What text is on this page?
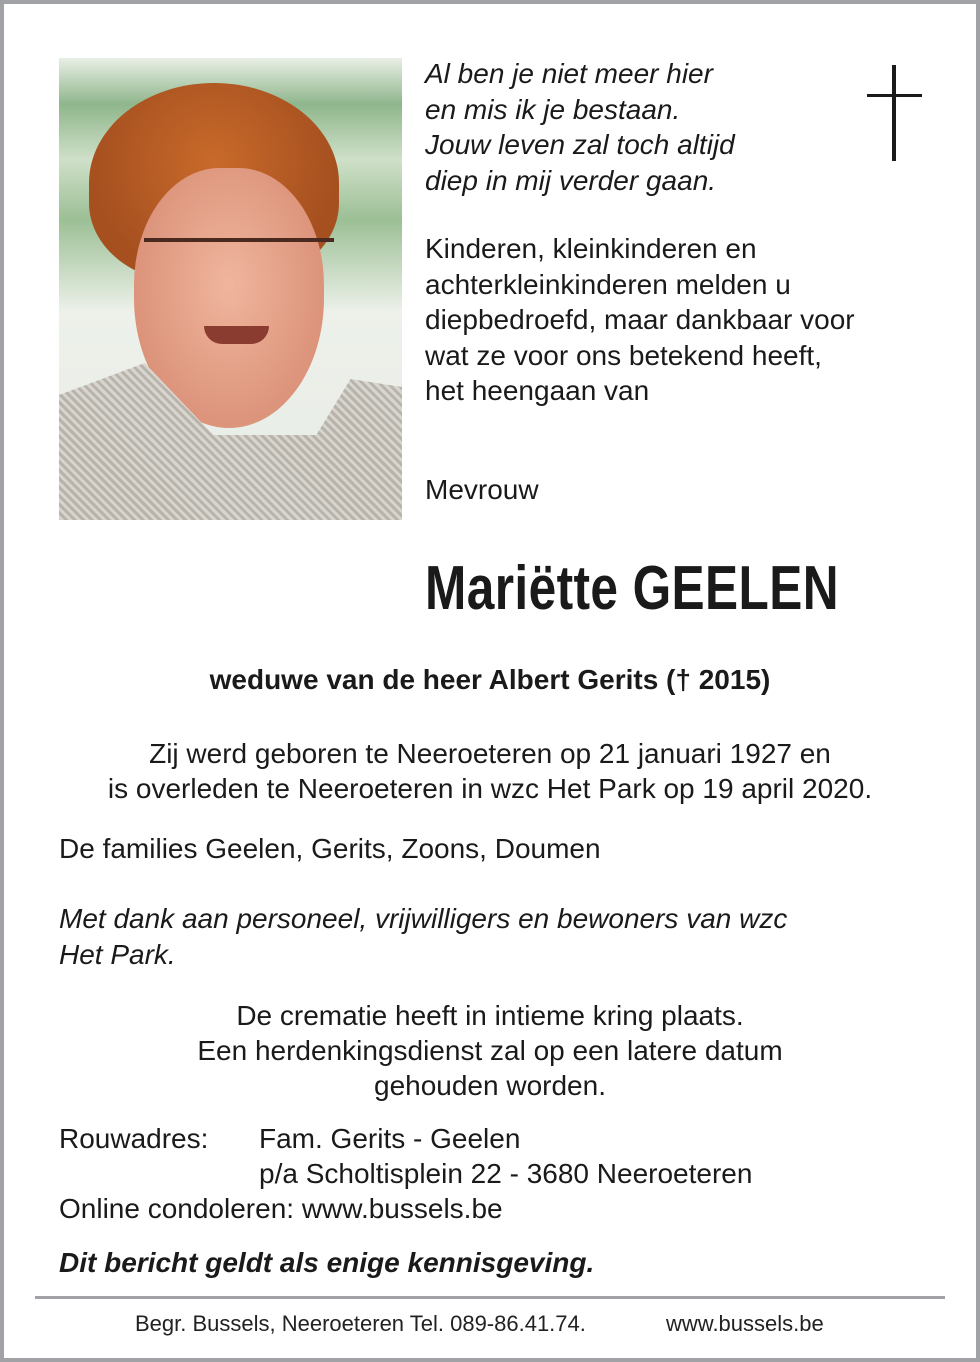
Al ben je niet meer hier
en mis ik je bestaan.
Jouw leven zal toch altijd
diep in mij verder gaan.
Kinderen, kleinkinderen en
achterkleinkinderen melden u
diepbedroefd, maar dankbaar voor
wat ze voor ons betekend heeft,
het heengaan van
Mevrouw
Mariëtte GEELEN
weduwe van de heer Albert Gerits († 2015)
Zij werd geboren te Neeroeteren op 21 januari 1927 en
is overleden te Neeroeteren in wzc Het Park op 19 april 2020.
De families Geelen, Gerits, Zoons, Doumen
Met dank aan personeel, vrijwilligers en bewoners van wzc
Het Park.
De crematie heeft in intieme kring plaats.
Een herdenkingsdienst zal op een latere datum
gehouden worden.
Rouwadres: Fam. Gerits - Geelen
p/a Scholtisplein 22 - 3680 Neeroeteren
Online condoleren: www.bussels.be
Dit bericht geldt als enige kennisgeving.
Begr. Bussels, Neeroeteren Tel. 089-86.41.74.	www.bussels.be
